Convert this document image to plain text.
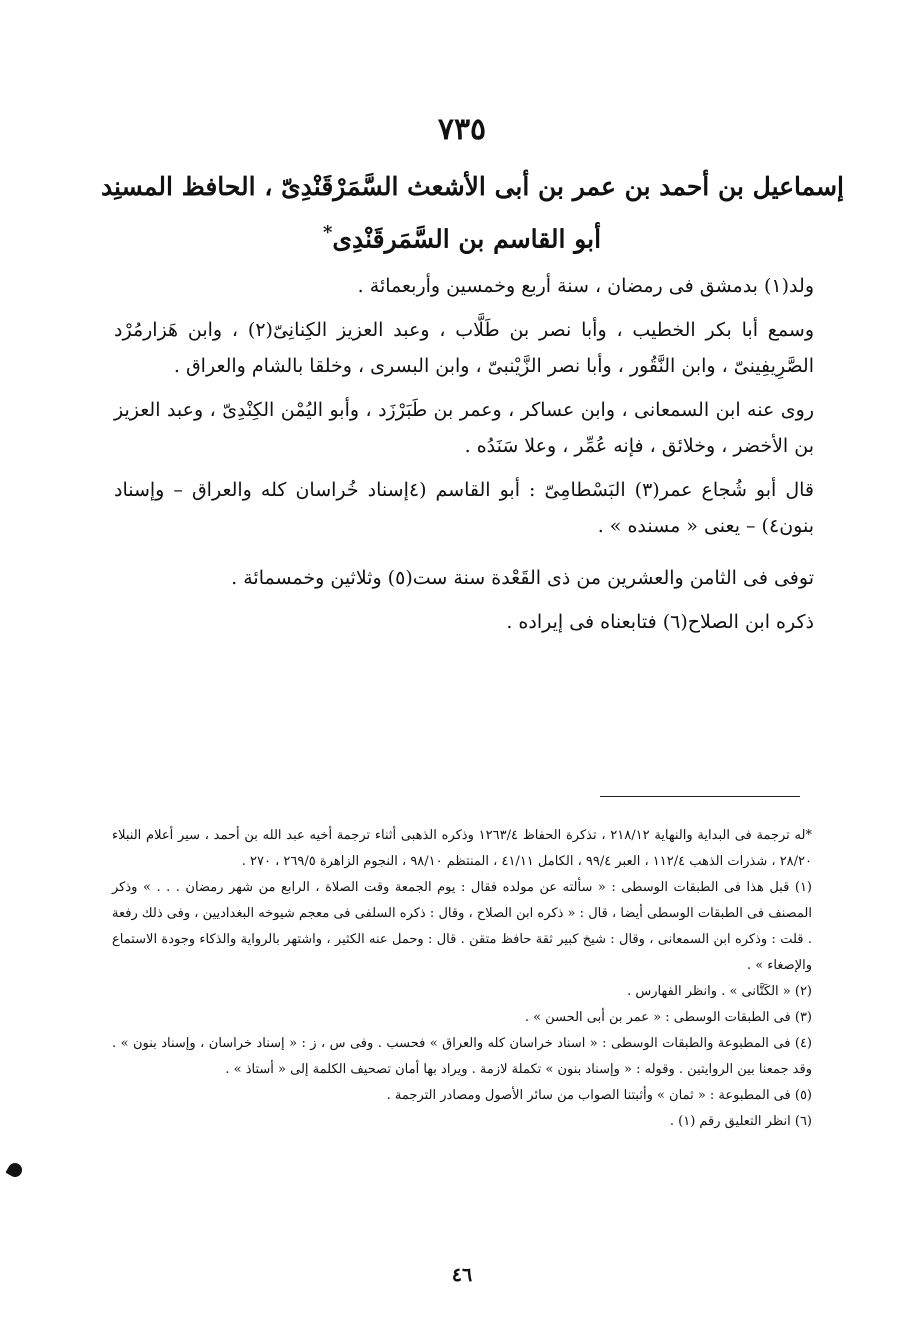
٧٣٥
إسماعيل بن أحمد بن عمر بن أبى الأشعث السَّمَرْقَنْدِىّ ، الحافظ المسنِد
أبو القاسم بن السَّمَرقَنْدِى*

ولد(١) بدمشق فى رمضان ، سنة أربع وخمسين وأربعمائة .

وسمع أبا بكر الخطيب ، وأبا نصر بن طَلَّاب ، وعبد العزيز الكِنانِىّ(٢) ، وابن هَزارمُرْد الصَّرِيفِينىّ ، وابن النَّقُور ، وأبا نصر الزَّيْنبىّ ، وابن البسرى ، وخلقا بالشام والعراق .

روى عنه ابن السمعانى ، وابن عساكر ، وعمر بن طَبَرْزَد ، وأبو اليُمْن الكِنْدِىّ ، وعبد العزيز بن الأخضر ، وخلائق ، فإنه عُمِّر ، وعلا سَنَدُه .

قال أبو شُجاع عمر(٣) البَسْطامِىّ : أبو القاسم (٤إسناد خُراسان كله والعراق – وإسناد بنون٤) – يعنى « مسنده » .

توفى فى الثامن والعشرين من ذى القَعْدة سنة ست(٥) وثلاثين وخمسمائة .

ذكره ابن الصلاح(٦) فتابعناه فى إيراده .

*له ترجمة فى البداية والنهاية ٢١٨/١٢ ، تذكرة الحفاظ ١٢٦٣/٤ وذكره الذهبى أثناء ترجمة أخيه عبد الله بن أحمد ، سير أعلام النبلاء ٢٨/٢٠ ، شذرات الذهب ١١٢/٤ ، العبر ٩٩/٤ ، الكامل ٤١/١١ ، المنتظم ٩٨/١٠ ، النجوم الزاهرة ٢٦٩/٥ ، ٢٧٠ .

(١) قبل هذا فى الطبقات الوسطى : « سألته عن مولده فقال : يوم الجمعة وقت الصلاة ، الرابع من شهر رمضان . . . » وذكر المصنف فى الطبقات الوسطى أيضا ، قال : « ذكره ابن الصلاح ، وقال : ذكره السلفى فى معجم شيوخه البغداديين ، وفى ذلك رفعة . قلت : وذكره ابن السمعانى ، وقال : شيخ كبير ثقة حافظ متقن . قال : وحمل عنه الكثير ، واشتهر بالرواية والذكاء وجودة الاستماع والإصغاء » .

(٢) « الكَتَّانى » . وانظر الفهارس .

(٣) فى الطبقات الوسطى : « عمر بن أبى الحسن » .

(٤) فى المطبوعة والطبقات الوسطى : « اسناد خراسان كله والعراق » فحسب . وفى س ، ز : « إسناد خراسان ، وإسناد بنون » . وقد جمعنا بين الروايتين . وقوله : « وإسناد بنون » تكملة لازمة . ويراد بها أمان تصحيف الكلمة إلى « أستاذ » .

(٥) فى المطبوعة : « ثمان » وأثبتنا الصواب من سائر الأصول ومصادر الترجمة .

(٦) انظر التعليق رقم (١) .

٤٦
